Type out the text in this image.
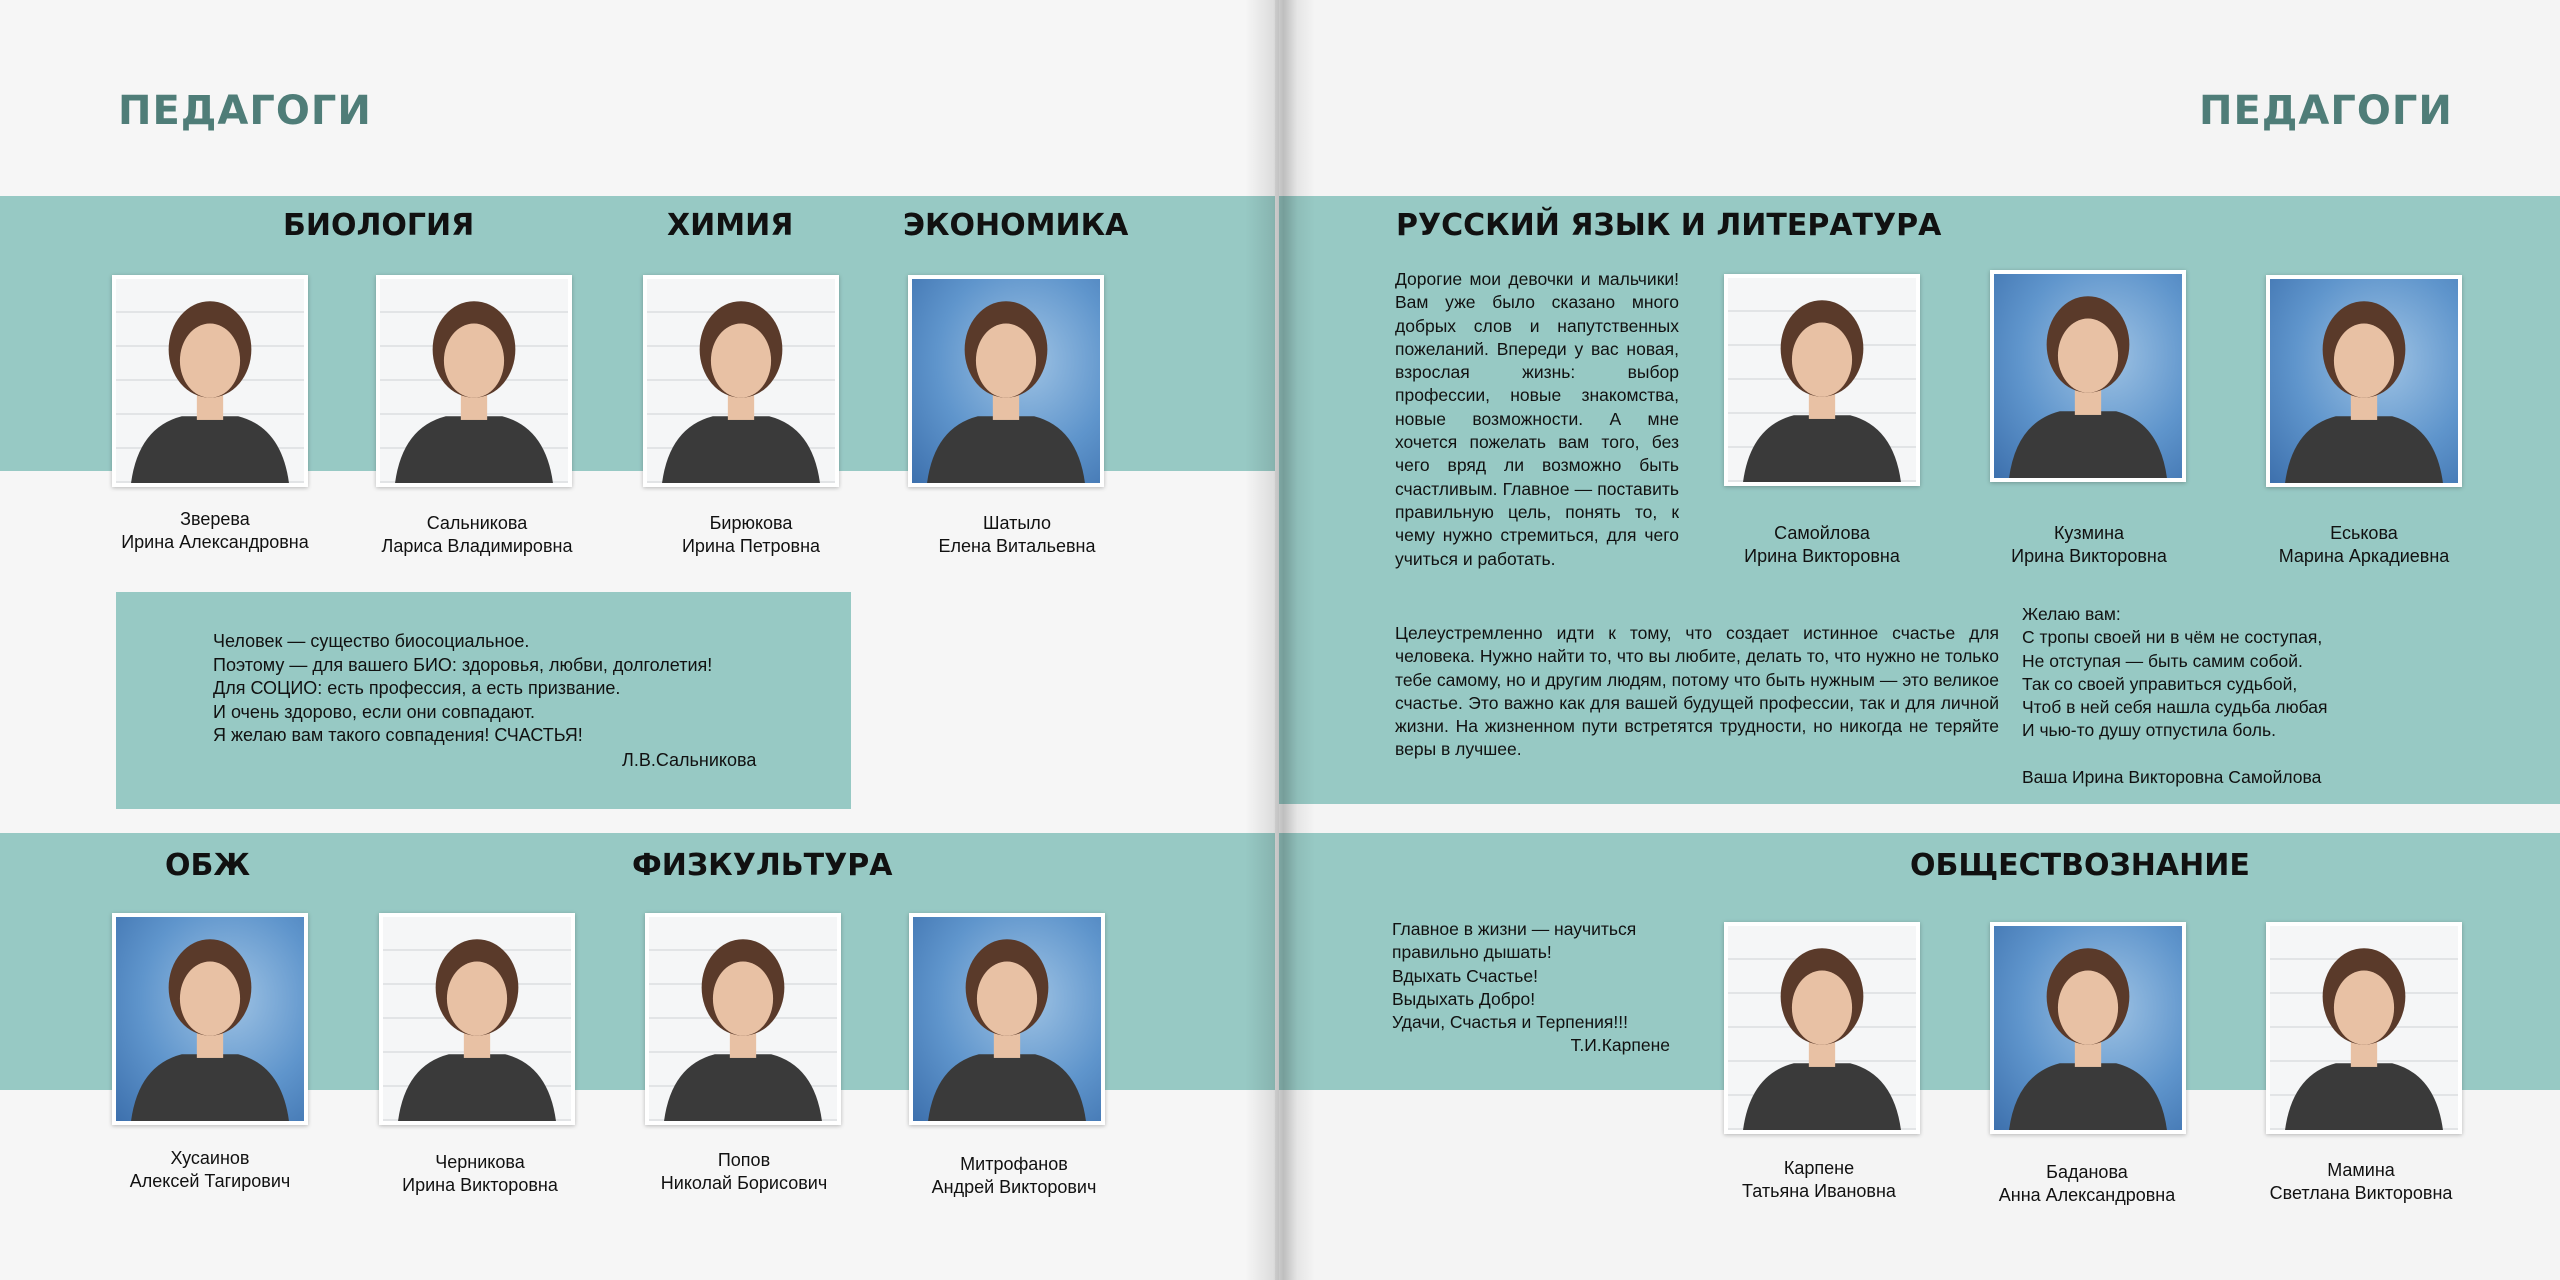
ПЕДАГОГИ
БИОЛОГИЯ	ХИМИЯ	ЭКОНОМИКА
ОБЖ	ФИЗКУЛЬТУРА
Зверева
Ирина Александровна
Сальникова
Лариса Владимировна
Бирюкова
Ирина Петровна
Шатыло
Елена Витальевна
Человек — существо биосоциальное.
Поэтому — для вашего БИО: здоровья, любви, долголетия!
Для СОЦИО: есть профессия, а есть призвание.
И очень здорово, если они совпадают.
Я желаю вам такого совпадения! СЧАСТЬЯ!
Л.В.Сальникова
Хусаинов
Алексей Тагирович
Черникова
Ирина Викторовна
Попов
Николай Борисович
Митрофанов
Андрей Викторович
ПЕДАГОГИ
РУССКИЙ ЯЗЫК И ЛИТЕРАТУРА
ОБЩЕСТВОЗНАНИЕ
Дорогие мои девочки и мальчики! Вам уже было сказано много добрых слов и напутственных пожеланий. Впереди у вас новая, взрослая жизнь: выбор профессии, новые знакомства, новые возможности. А мне хочется пожелать вам того, без чего вряд ли возможно быть счастливым. Главное — поставить правильную цель, понять то, к чему нужно стремиться, для чего учиться и работать.
Целеустремленно идти к тому, что создает истинное счастье для человека. Нужно найти то, что вы любите, делать то, что нужно не только тебе самому, но и другим людям, потому что быть нужным — это великое счастье. Это важно как для вашей будущей профессии, так и для личной жизни. На жизненном пути встретятся трудности, но никогда не теряйте веры в лучшее.
Самойлова
Ирина Викторовна
Кузмина
Ирина Викторовна
Еськова
Марина Аркадиевна
Желаю вам:
С тропы своей ни в чём не соступая,
Не отступая — быть самим собой.
Так со своей управиться судьбой,
Чтоб в ней себя нашла судьба любая
И чью-то душу отпустила боль.
Ваша Ирина Викторовна Самойлова
Главное в жизни — научиться
правильно дышать!
Вдыхать Счастье!
Выдыхать Добро!
Удачи, Счастья и Терпения!!!
Т.И.Карпене
Карпене
Татьяна Ивановна
Баданова
Анна Александровна
Мамина
Светлана Викторовна
